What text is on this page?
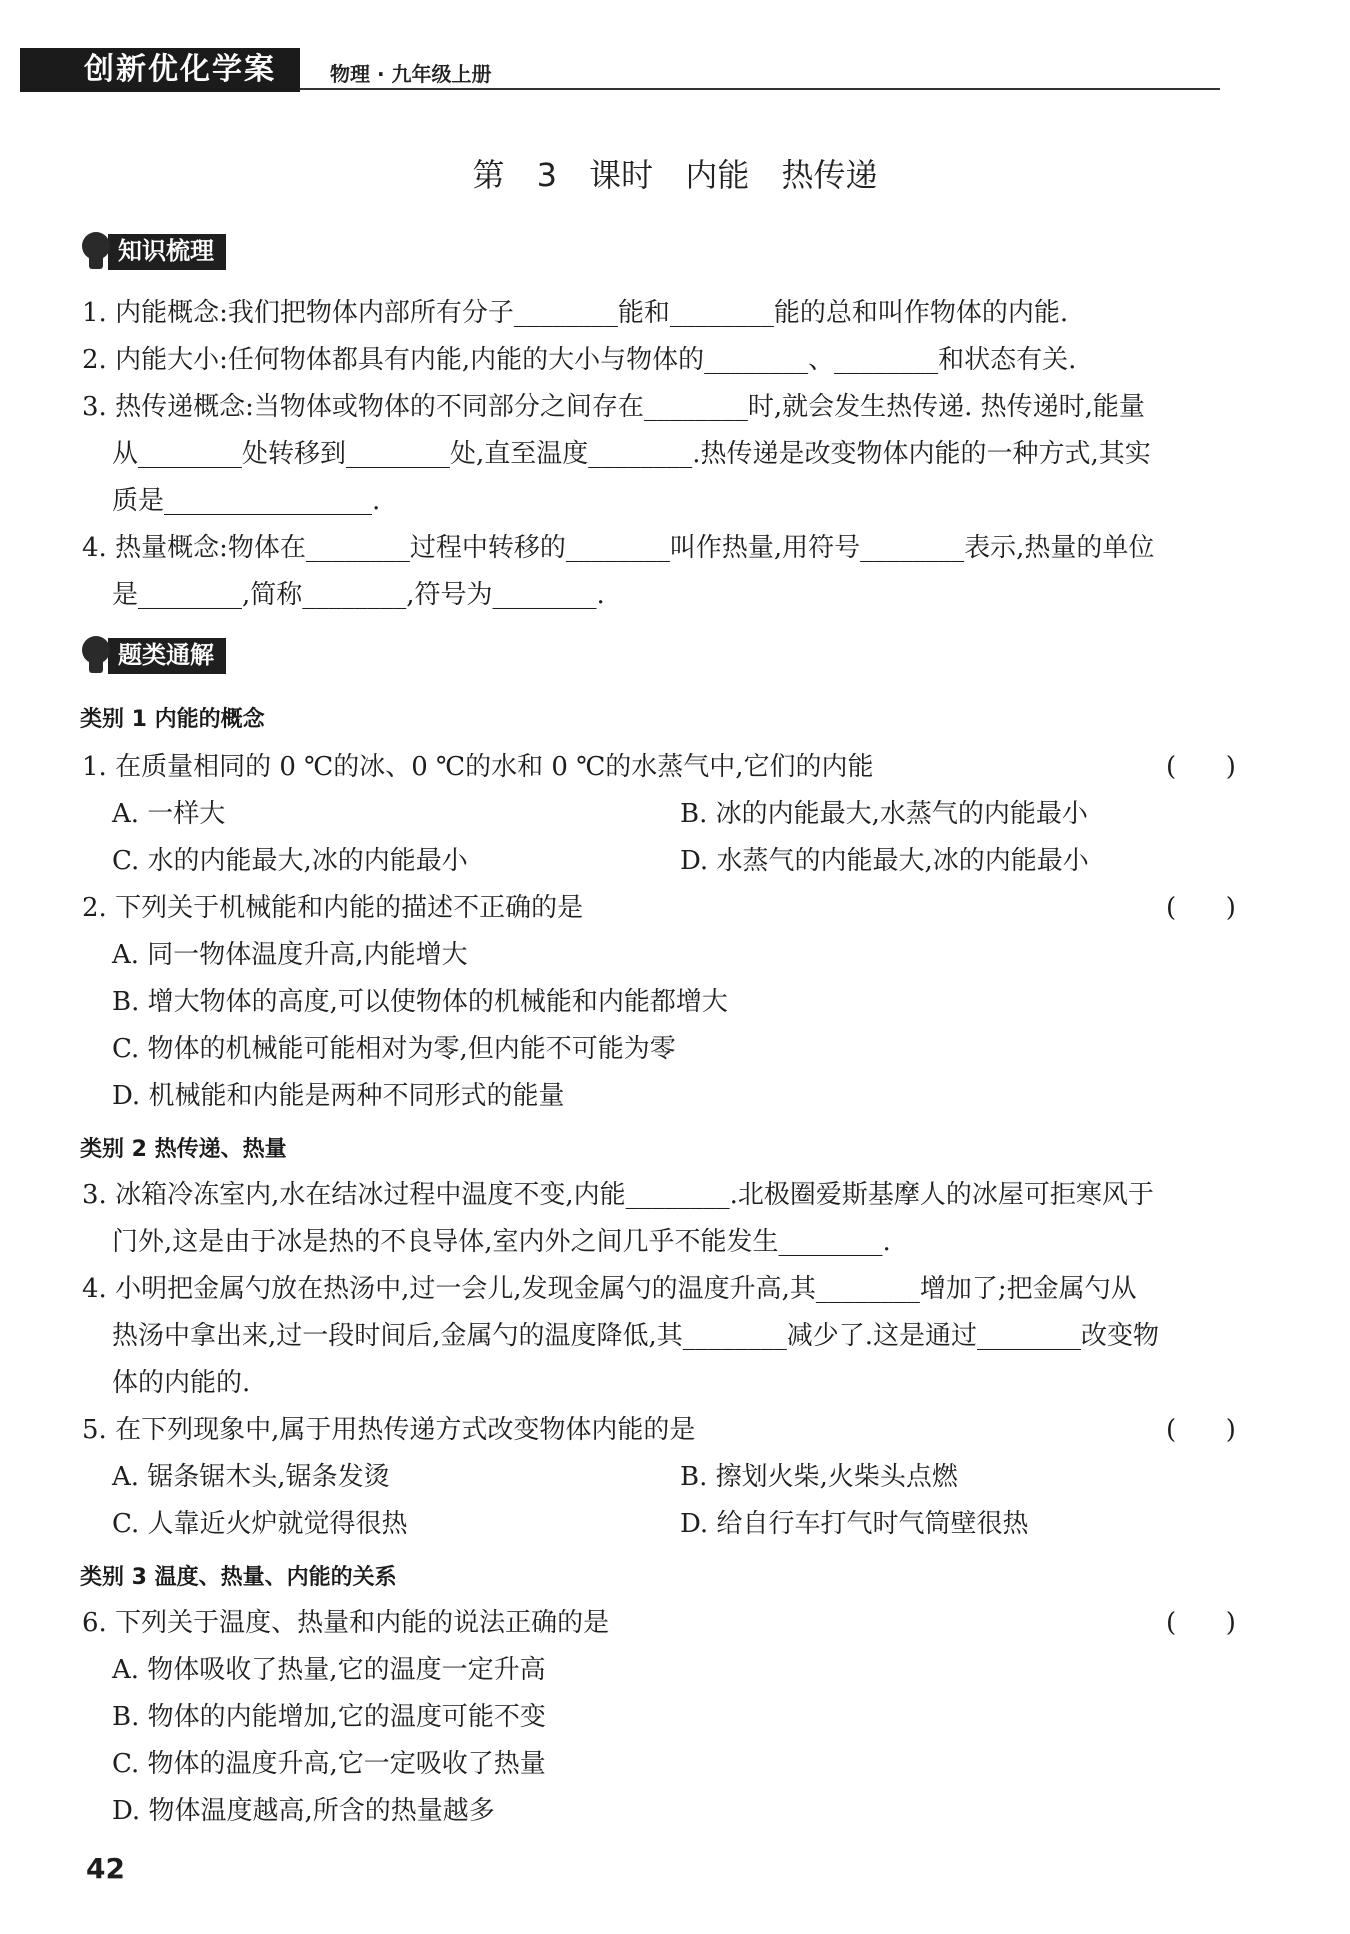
创新优化学案	物理 · 九年级上册
第 3 课时 内能 热传递
知识梳理
1. 内能概念:我们把物体内部所有分子________能和________能的总和叫作物体的内能.
2. 内能大小:任何物体都具有内能,内能的大小与物体的________、________和状态有关.
3. 热传递概念:当物体或物体的不同部分之间存在________时,就会发生热传递. 热传递时,能量
从________处转移到________处,直至温度________.热传递是改变物体内能的一种方式,其实
质是________________.
4. 热量概念:物体在________过程中转移的________叫作热量,用符号________表示,热量的单位
是________,简称________,符号为________.
题类通解
类别 1 内能的概念
1. 在质量相同的 0 ℃的冰、0 ℃的水和 0 ℃的水蒸气中,它们的内能	(      )
A. 一样大	B. 冰的内能最大,水蒸气的内能最小
C. 水的内能最大,冰的内能最小	D. 水蒸气的内能最大,冰的内能最小
2. 下列关于机械能和内能的描述不正确的是	(      )
A. 同一物体温度升高,内能增大
B. 增大物体的高度,可以使物体的机械能和内能都增大
C. 物体的机械能可能相对为零,但内能不可能为零
D. 机械能和内能是两种不同形式的能量
类别 2 热传递、热量
3. 冰箱冷冻室内,水在结冰过程中温度不变,内能________.北极圈爱斯基摩人的冰屋可拒寒风于
门外,这是由于冰是热的不良导体,室内外之间几乎不能发生________.
4. 小明把金属勺放在热汤中,过一会儿,发现金属勺的温度升高,其________增加了;把金属勺从
热汤中拿出来,过一段时间后,金属勺的温度降低,其________减少了.这是通过________改变物
体的内能的.
5. 在下列现象中,属于用热传递方式改变物体内能的是	(      )
A. 锯条锯木头,锯条发烫	B. 擦划火柴,火柴头点燃
C. 人靠近火炉就觉得很热	D. 给自行车打气时气筒壁很热
类别 3 温度、热量、内能的关系
6. 下列关于温度、热量和内能的说法正确的是	(      )
A. 物体吸收了热量,它的温度一定升高
B. 物体的内能增加,它的温度可能不变
C. 物体的温度升高,它一定吸收了热量
D. 物体温度越高,所含的热量越多
42
